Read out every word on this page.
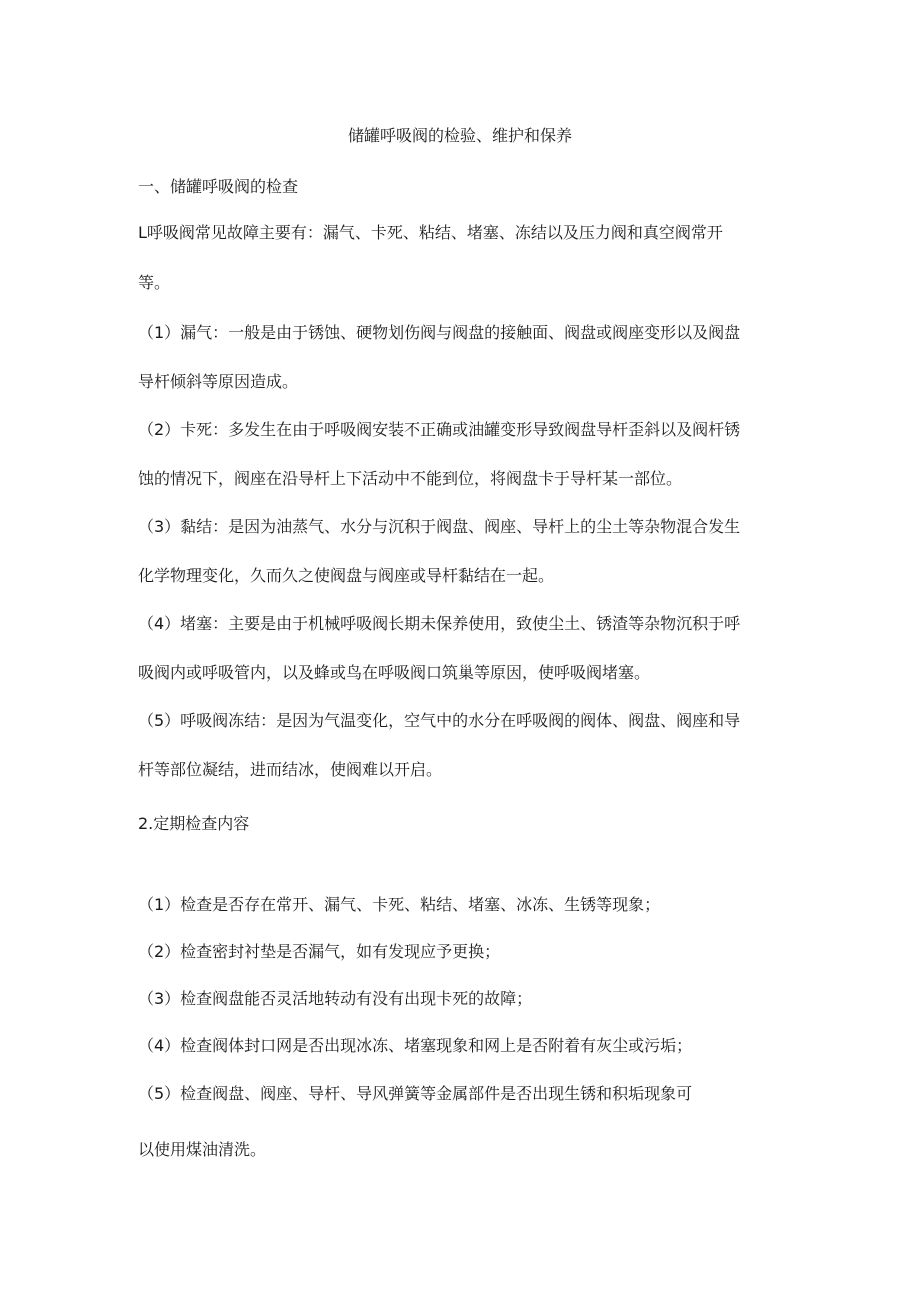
储罐呼吸阀的检验、维护和保养
一、储罐呼吸阀的检查
L呼吸阀常见故障主要有：漏气、卡死、粘结、堵塞、冻结以及压力阀和真空阀常开
等。
（1）漏气：一般是由于锈蚀、硬物划伤阀与阀盘的接触面、阀盘或阀座变形以及阀盘
导杆倾斜等原因造成。
（2）卡死：多发生在由于呼吸阀安装不正确或油罐变形导致阀盘导杆歪斜以及阀杆锈
蚀的情况下，阀座在沿导杆上下活动中不能到位，将阀盘卡于导杆某一部位。
（3）黏结：是因为油蒸气、水分与沉积于阀盘、阀座、导杆上的尘土等杂物混合发生
化学物理变化，久而久之使阀盘与阀座或导杆黏结在一起。
（4）堵塞：主要是由于机械呼吸阀长期未保养使用，致使尘土、锈渣等杂物沉积于呼
吸阀内或呼吸管内，以及蜂或鸟在呼吸阀口筑巢等原因，使呼吸阀堵塞。
（5）呼吸阀冻结：是因为气温变化，空气中的水分在呼吸阀的阀体、阀盘、阀座和导
杆等部位凝结，进而结冰，使阀难以开启。
2.定期检查内容
（1）检查是否存在常开、漏气、卡死、粘结、堵塞、冰冻、生锈等现象；
（2）检查密封衬垫是否漏气，如有发现应予更换；
（3）检查阀盘能否灵活地转动有没有出现卡死的故障；
（4）检查阀体封口网是否出现冰冻、堵塞现象和网上是否附着有灰尘或污垢；
（5）检查阀盘、阀座、导杆、导风弹簧等金属部件是否出现生锈和积垢现象可
以使用煤油清洗。
